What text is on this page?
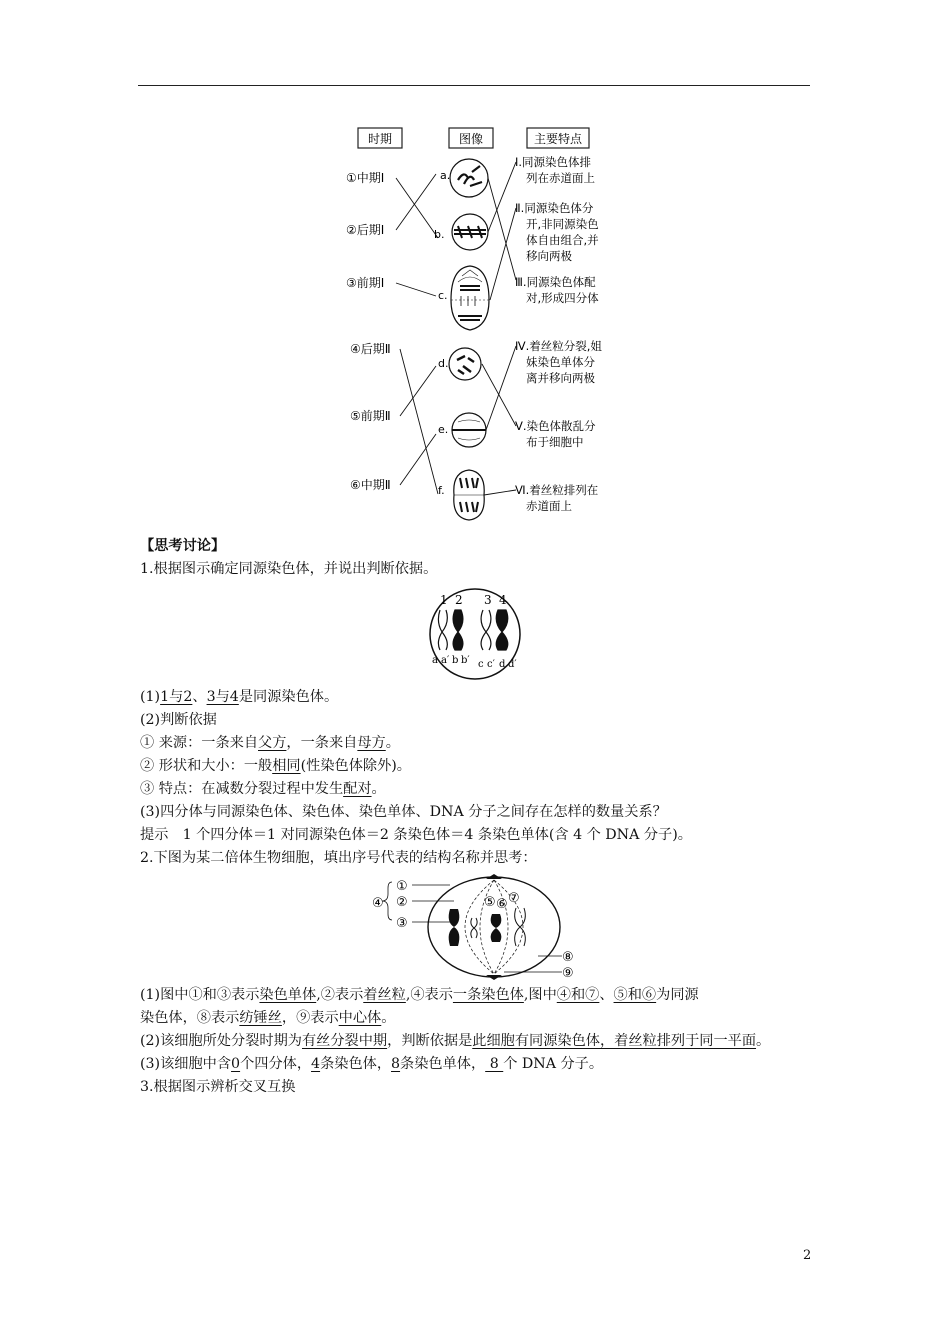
时期	图像	主要特点
①中期Ⅰ
②后期Ⅰ
③前期Ⅰ
④后期Ⅱ
⑤前期Ⅱ
⑥中期Ⅱ
a.
b.
c.
d.
e.
f.
Ⅰ.同源染色体排
列在赤道面上
Ⅱ.同源染色体分
开,非同源染色
体自由组合,并
移向两极
Ⅲ.同源染色体配
对,形成四分体
Ⅳ.着丝粒分裂,姐
妹染色单体分
离并移向两极
Ⅴ.染色体散乱分
布于细胞中
Ⅵ.着丝粒排列在
赤道面上

【思考讨论】

1.根据图示确定同源染色体，并说出判断依据。

1 2 3 4
a a′ b b′ c c′ d d′

(1)1与2、3与4是同源染色体。

(2)判断依据

① 来源：一条来自父方，一条来自母方。

② 形状和大小：一般相同(性染色体除外)。

③ 特点：在减数分裂过程中发生配对。

(3)四分体与同源染色体、染色体、染色单体、DNA 分子之间存在怎样的数量关系？

提示　1 个四分体＝1 对同源染色体＝2 条染色体＝4 条染色单体(含 4 个 DNA 分子)。

2.下图为某二倍体生物细胞，填出序号代表的结构名称并思考：

①
②
③
④	⑤ ⑥ ⑦
⑧
⑨

(1)图中①和③表示染色单体,②表示着丝粒,④表示一条染色体,图中④和⑦、⑤和⑥为同源

染色体，⑧表示纺锤丝，⑨表示中心体。

(2)该细胞所处分裂时期为有丝分裂中期，判断依据是此细胞有同源染色体，着丝粒排列于同一平面。

(3)该细胞中含0个四分体，4条染色体，8条染色单体， 8 个 DNA 分子。

3.根据图示辨析交叉互换

2
